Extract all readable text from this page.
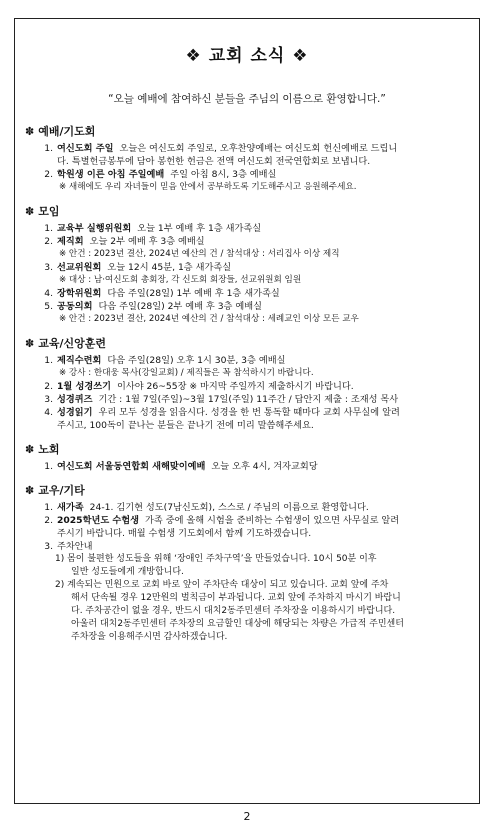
❖ 교회 소식 ❖
“오늘 예배에 참여하신 분들을 주님의 이름으로 환영합니다.”
✽ 예배/기도회
1. 여신도회 주일 오늘은 여신도회 주일로, 오후찬양예배는 여신도회 헌신예배로 드립니
다. 특별헌금봉투에 담아 봉헌한 헌금은 전액 여신도회 전국연합회로 보냅니다.
2. 학원생 이른 아침 주일예배 주일 아침 8시, 3층 예배실
※ 새해에도 우리 자녀들이 믿음 안에서 공부하도록 기도해주시고 응원해주세요.
✽ 모임
1. 교육부 실행위원회 오늘 1부 예배 후 1층 새가족실
2. 제직회 오늘 2부 예배 후 3층 예배실
※ 안건 : 2023년 결산, 2024년 예산의 건 / 참석대상 : 서리집사 이상 제직
3. 선교위원회 오늘 12시 45분, 1층 새가족실
※ 대상 : 남·여신도회 총회장, 각 신도회 회장들, 선교위원회 임원
4. 장학위원회 다음 주일(28일) 1부 예배 후 1층 새가족실
5. 공동의회 다음 주일(28일) 2부 예배 후 3층 예배실
※ 안건 : 2023년 결산, 2024년 예산의 건 / 참석대상 : 세례교인 이상 모든 교우
✽ 교육/신앙훈련
1. 제직수련회 다음 주일(28일) 오후 1시 30분, 3층 예배실
※ 강사 : 한대웅 목사(강일교회) / 제직들은 꼭 참석하시기 바랍니다.
2. 1월 성경쓰기 이사야 26~55장 ※ 마지막 주일까지 제출하시기 바랍니다.
3. 성경퀴즈 기간 : 1월 7일(주일)~3월 17일(주일) 11주간 / 답안지 제출 : 조재성 목사
4. 성경읽기 우리 모두 성경을 읽읍시다. 성경을 한 번 통독할 때마다 교회 사무실에 알려
주시고, 100독이 끝나는 분들은 끝나기 전에 미리 말씀해주세요.
✽ 노회
1. 여신도회 서울동연합회 새해맞이예배 오늘 오후 4시, 겨자교회당
✽ 교우/기타
1. 새가족 24-1. 김기현 성도(7남신도회), 스스로 / 주님의 이름으로 환영합니다.
2. 2025학년도 수험생 가족 중에 올해 시험을 준비하는 수험생이 있으면 사무실로 알려
주시기 바랍니다. 매월 수험생 기도회에서 함께 기도하겠습니다.
3. 주차안내
1) 몸이 불편한 성도들을 위해 ‘장애인 주차구역’을 만들었습니다. 10시 50분 이후
일반 성도들에게 개방합니다.
2) 계속되는 민원으로 교회 바로 앞이 주차단속 대상이 되고 있습니다. 교회 앞에 주차
해서 단속될 경우 12만원의 벌칙금이 부과됩니다. 교회 앞에 주차하지 마시기 바랍니
다. 주차공간이 없을 경우, 반드시 대치2동주민센터 주차장을 이용하시기 바랍니다.
아울러 대치2동주민센터 주차장의 요금할인 대상에 해당되는 차량은 가급적 주민센터
주차장을 이용해주시면 감사하겠습니다.
2
